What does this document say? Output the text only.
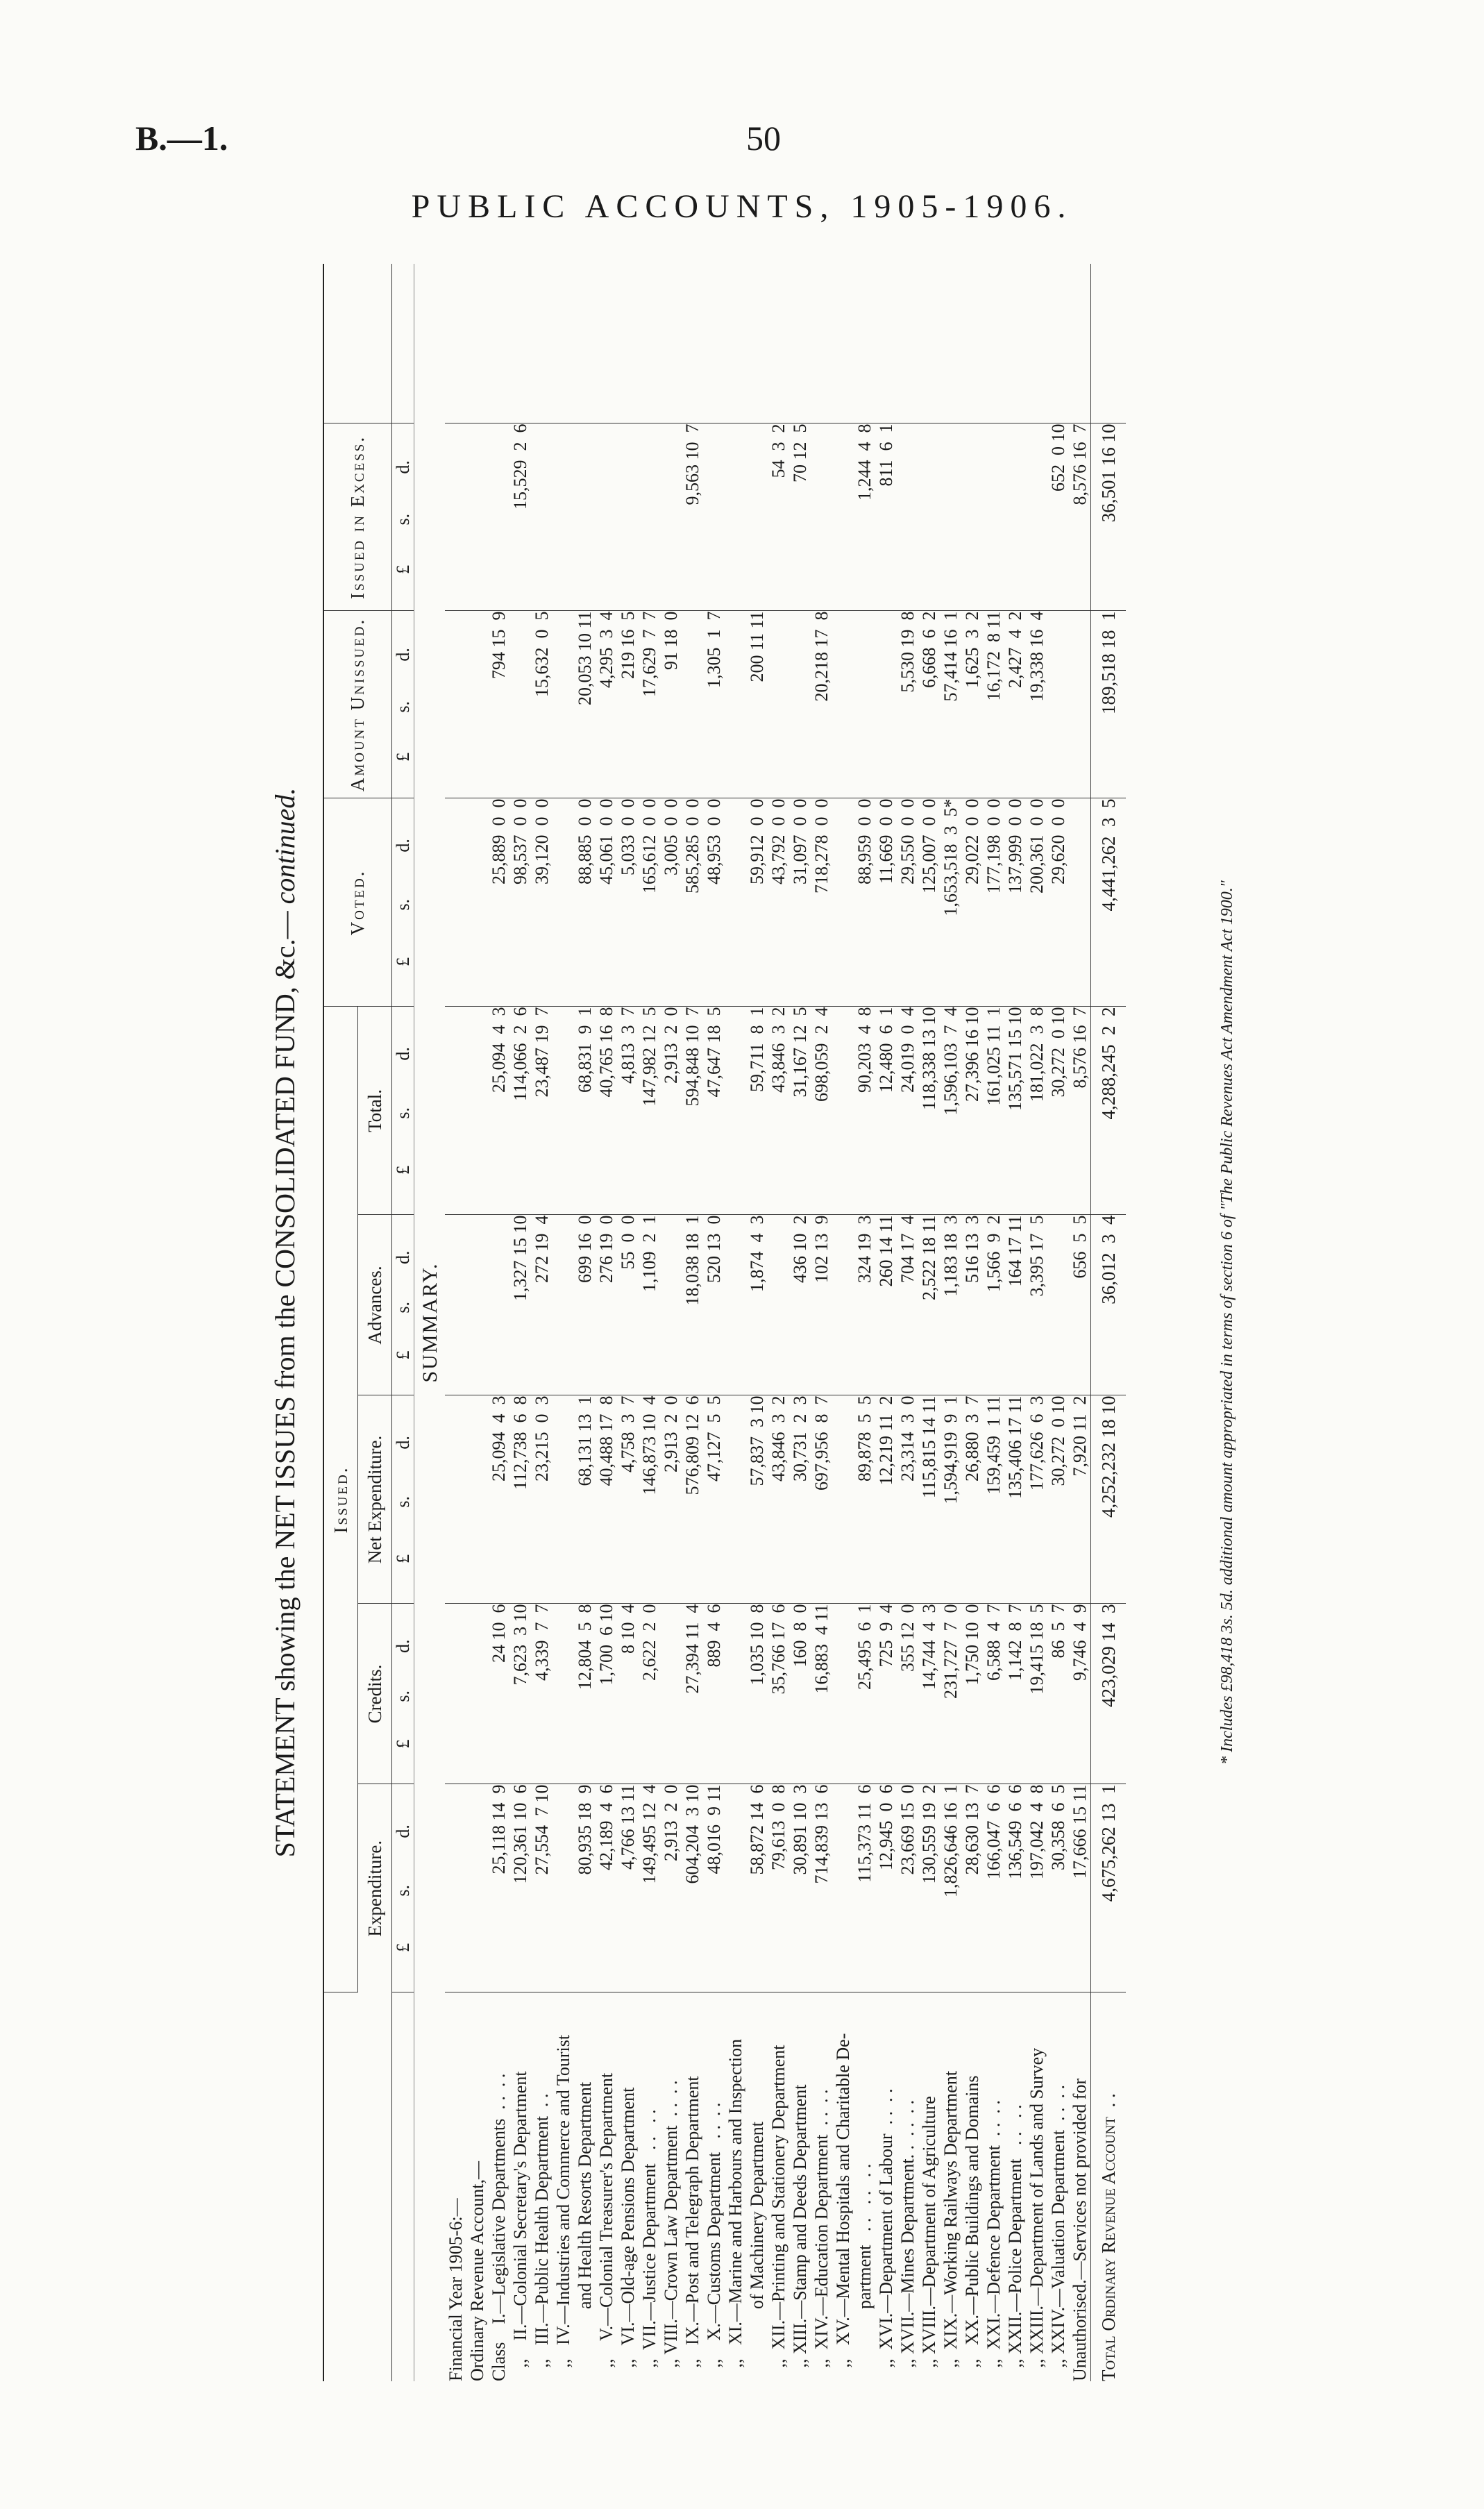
B.—1.	50
PUBLIC ACCOUNTS, 1905-1906.
STATEMENT showing the NET ISSUES from the CONSOLIDATED FUND, &c.—
continued.
	Issued.					Voted.	Amount Unissued.	Issued in Excess.	
	Expenditure.	Credits.	Net Expenditure.	Advances.	Total.				

	£
s.
d.	£
s.
d.	£
s.
d.	£
s.
d.	£
s.
d.	£
s.
d.	£
s.
d.	£
s.
d.	

SUMMARY.									
Financial Year 1905-6:—									
Ordinary Revenue Account,—									
Class    I.—Legislative Departments  . .  . .	25,118 14  9	24 10  6	25,094  4  3		25,094  4  3	25,889  0  0	794 15  9		
,,    II.—Colonial Secretary's Department	120,361 10  6	7,623  3 10	112,738  6  8	1,327 15 10	114,066  2  6	98,537  0  0		15,529  2  6	
,,   III.—Public Health Department  . .	27,554  7 10	4,339  7  7	23,215  0  3	272 19  4	23,487 19  7	39,120  0  0	15,632  0  5		
,,   IV.—Industries and Commerce and Tourist									
and Health Resorts Department	80,935 18  9	12,804  5  8	68,131 13  1	699 16  0	68,831  9  1	88,885  0  0	20,053 10 11		
,,    V.—Colonial Treasurer's Department	42,189  4  6	1,700  6 10	40,488 17  8	276 19  0	40,765 16  8	45,061  0  0	4,295  3  4		
,,   VI.—Old-age Pensions Department	4,766 13 11	8 10  4	4,758  3  7	55  0  0	4,813  3  7	5,033  0  0	219 16  5		
,,  VII.—Justice Department   . .   . .	149,495 12  4	2,622  2  0	146,873 10  4	1,109  2  1	147,982 12  5	165,612  0  0	17,629  7  7		
,, VIII.—Crown Law Department  . .  . .	2,913  2  0		2,913  2  0		2,913  2  0	3,005  0  0	91 18  0		
,,   IX.—Post and Telegraph Department	604,204  3 10	27,394 11  4	576,809 12  6	18,038 18  1	594,848 10  7	585,285  0  0		9,563 10  7	
,,    X.—Customs Department   . .  . .	48,016  9 11	889  4  6	47,127  5  5	520 13  0	47,647 18  5	48,953  0  0	1,305  1  7		
,,   XI.—Marine and Harbours and Inspection									
of Machinery Department	58,872 14  6	1,035 10  8	57,837  3 10	1,874  4  3	59,711  8  1	59,912  0  0	200 11 11		
,,  XII.—Printing and Stationery Department	79,613  0  8	35,766 17  6	43,846  3  2		43,846  3  2	43,792  0  0		54  3  2	
,, XIII.—Stamp and Deeds Department	30,891 10  3	160  8  0	30,731  2  3	436 10  2	31,167 12  5	31,097  0  0		70 12  5	
,,  XIV.—Education Department  . .  . .	714,839 13  6	16,883  4 11	697,956  8  7	102 13  9	698,059  2  4	718,278  0  0	20,218 17  8		
,,   XV.—Mental Hospitals and Charitable De-									
partment   . .   . .   . .	115,373 11  6	25,495  6  1	89,878  5  5	324 19  3	90,203  4  8	88,959  0  0		1,244  4  8	
,,  XVI.—Department of Labour  . .  . .	12,945  0  6	725  9  4	12,219 11  2	260 14 11	12,480  6  1	11,669  0  0		811  6  1	
,, XVII.—Mines Department. .  . .  . .	23,669 15  0	355 12  0	23,314  3  0	704 17  4	24,019  0  4	29,550  0  0	5,530 19  8		
,, XVIII.—Department of Agriculture	130,559 19  2	14,744  4  3	115,815 14 11	2,522 18 11	118,338 13 10	125,007  0  0	6,668  6  2		
,,  XIX.—Working Railways Department	1,826,646 16  1	231,727  7  0	1,594,919  9  1	1,183 18  3	1,596,103  7  4	1,653,518  3  5*	57,414 16  1		
,,   XX.—Public Buildings and Domains	28,630 13  7	1,750 10  0	26,880  3  7	516 13  3	27,396 16 10	29,022  0  0	1,625  3  2		
,,  XXI.—Defence Department  . .  . .	166,047  6  6	6,588  4  7	159,459  1 11	1,566  9  2	161,025 11  1	177,198  0  0	16,172  8 11		
,, XXII.—Police Department   . .   . .	136,549  6  6	1,142  8  7	135,406 17 11	164 17 11	135,571 15 10	137,999  0  0	2,427  4  2		
,, XXIII.—Department of Lands and Survey	197,042  4  8	19,415 18  5	177,626  6  3	3,395 17  5	181,022  3  8	200,361  0  0	19,338 16  4		
,, XXIV.—Valuation Department  . .  . .	30,358  6  5	86  5  7	30,272  0 10		30,272  0 10	29,620  0  0		652  0 10	
Unauthorised.—Services not provided for	17,666 15 11	9,746  4  9	7,920 11  2	656  5  5	8,576 16  7			8,576 16  7	
Total Ordinary Revenue Account  . .	4,675,262 13  1	423,029 14  3	4,252,232 18 10	36,012  3  4	4,288,245  2  2	4,441,262  3  5	189,518 18  1	36,501 16 10	
* Includes £98,418 3s. 5d. additional amount appropriated in terms of section 6 of "The Public Revenues Act Amendment Act 1900."
